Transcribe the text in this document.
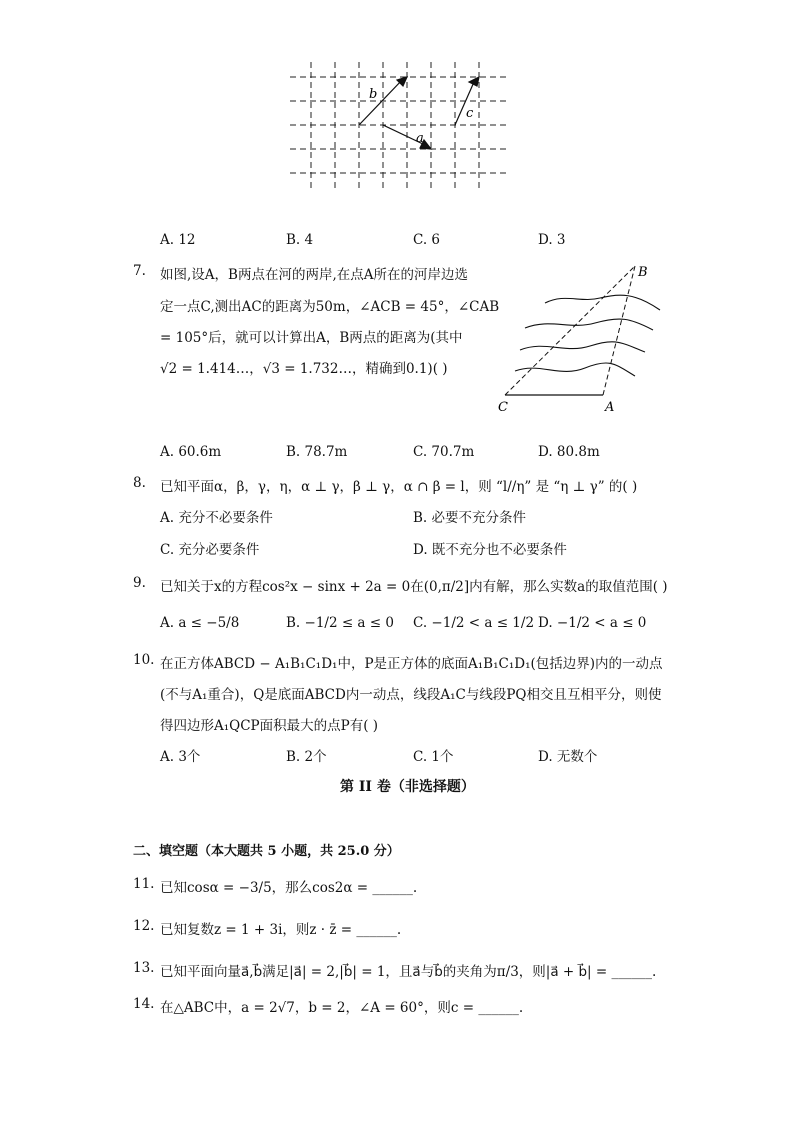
b
a
c
A. 12	B. 4	C. 6	D. 3
7. 如图,设A，B两点在河的两岸,在点A所在的河岸边选
定一点C,测出AC的距离为50m，∠ACB = 45°，∠CAB
= 105°后，就可以计算出A，B两点的距离为(其中
√2 = 1.414…，√3 = 1.732…，精确到0.1)( )
B
C	A
A. 60.6m	B. 78.7m	C. 70.7m	D. 80.8m
8. 已知平面α，β，γ，η，α ⊥ γ，β ⊥ γ，α ∩ β = l，则 “l//η” 是 “η ⊥ γ” 的( )
A. 充分不必要条件	B. 必要不充分条件
C. 充分必要条件	D. 既不充分也不必要条件
9. 已知关于x的方程cos²x − sinx + 2a = 0在(0,π/2]内有解，那么实数a的取值范围( )
A. a ≤ −5/8	B. −1/2 ≤ a ≤ 0 C. −1/2 < a ≤ 1/2 D. −1/2 < a ≤ 0
10. 在正方体ABCD − A₁B₁C₁D₁中，P是正方体的底面A₁B₁C₁D₁(包括边界)内的一动点
(不与A₁重合)，Q是底面ABCD内一动点，线段A₁C与线段PQ相交且互相平分，则使
得四边形A₁QCP面积最大的点P有( )
A. 3个	B. 2个	C. 1个	D. 无数个
第 II 卷（非选择题）
二、填空题（本大题共 5 小题，共 25.0 分）
11. 已知cosα = −3/5，那么cos2α = ______.
12. 已知复数z = 1 + 3i，则z · z̄ = ______.
13. 已知平面向量a⃗,b⃗满足|a⃗| = 2,|b⃗| = 1，且a⃗与b⃗的夹角为π/3，则|a⃗ + b⃗| = ______.
14. 在△ABC中，a = 2√7，b = 2，∠A = 60°，则c = ______.
